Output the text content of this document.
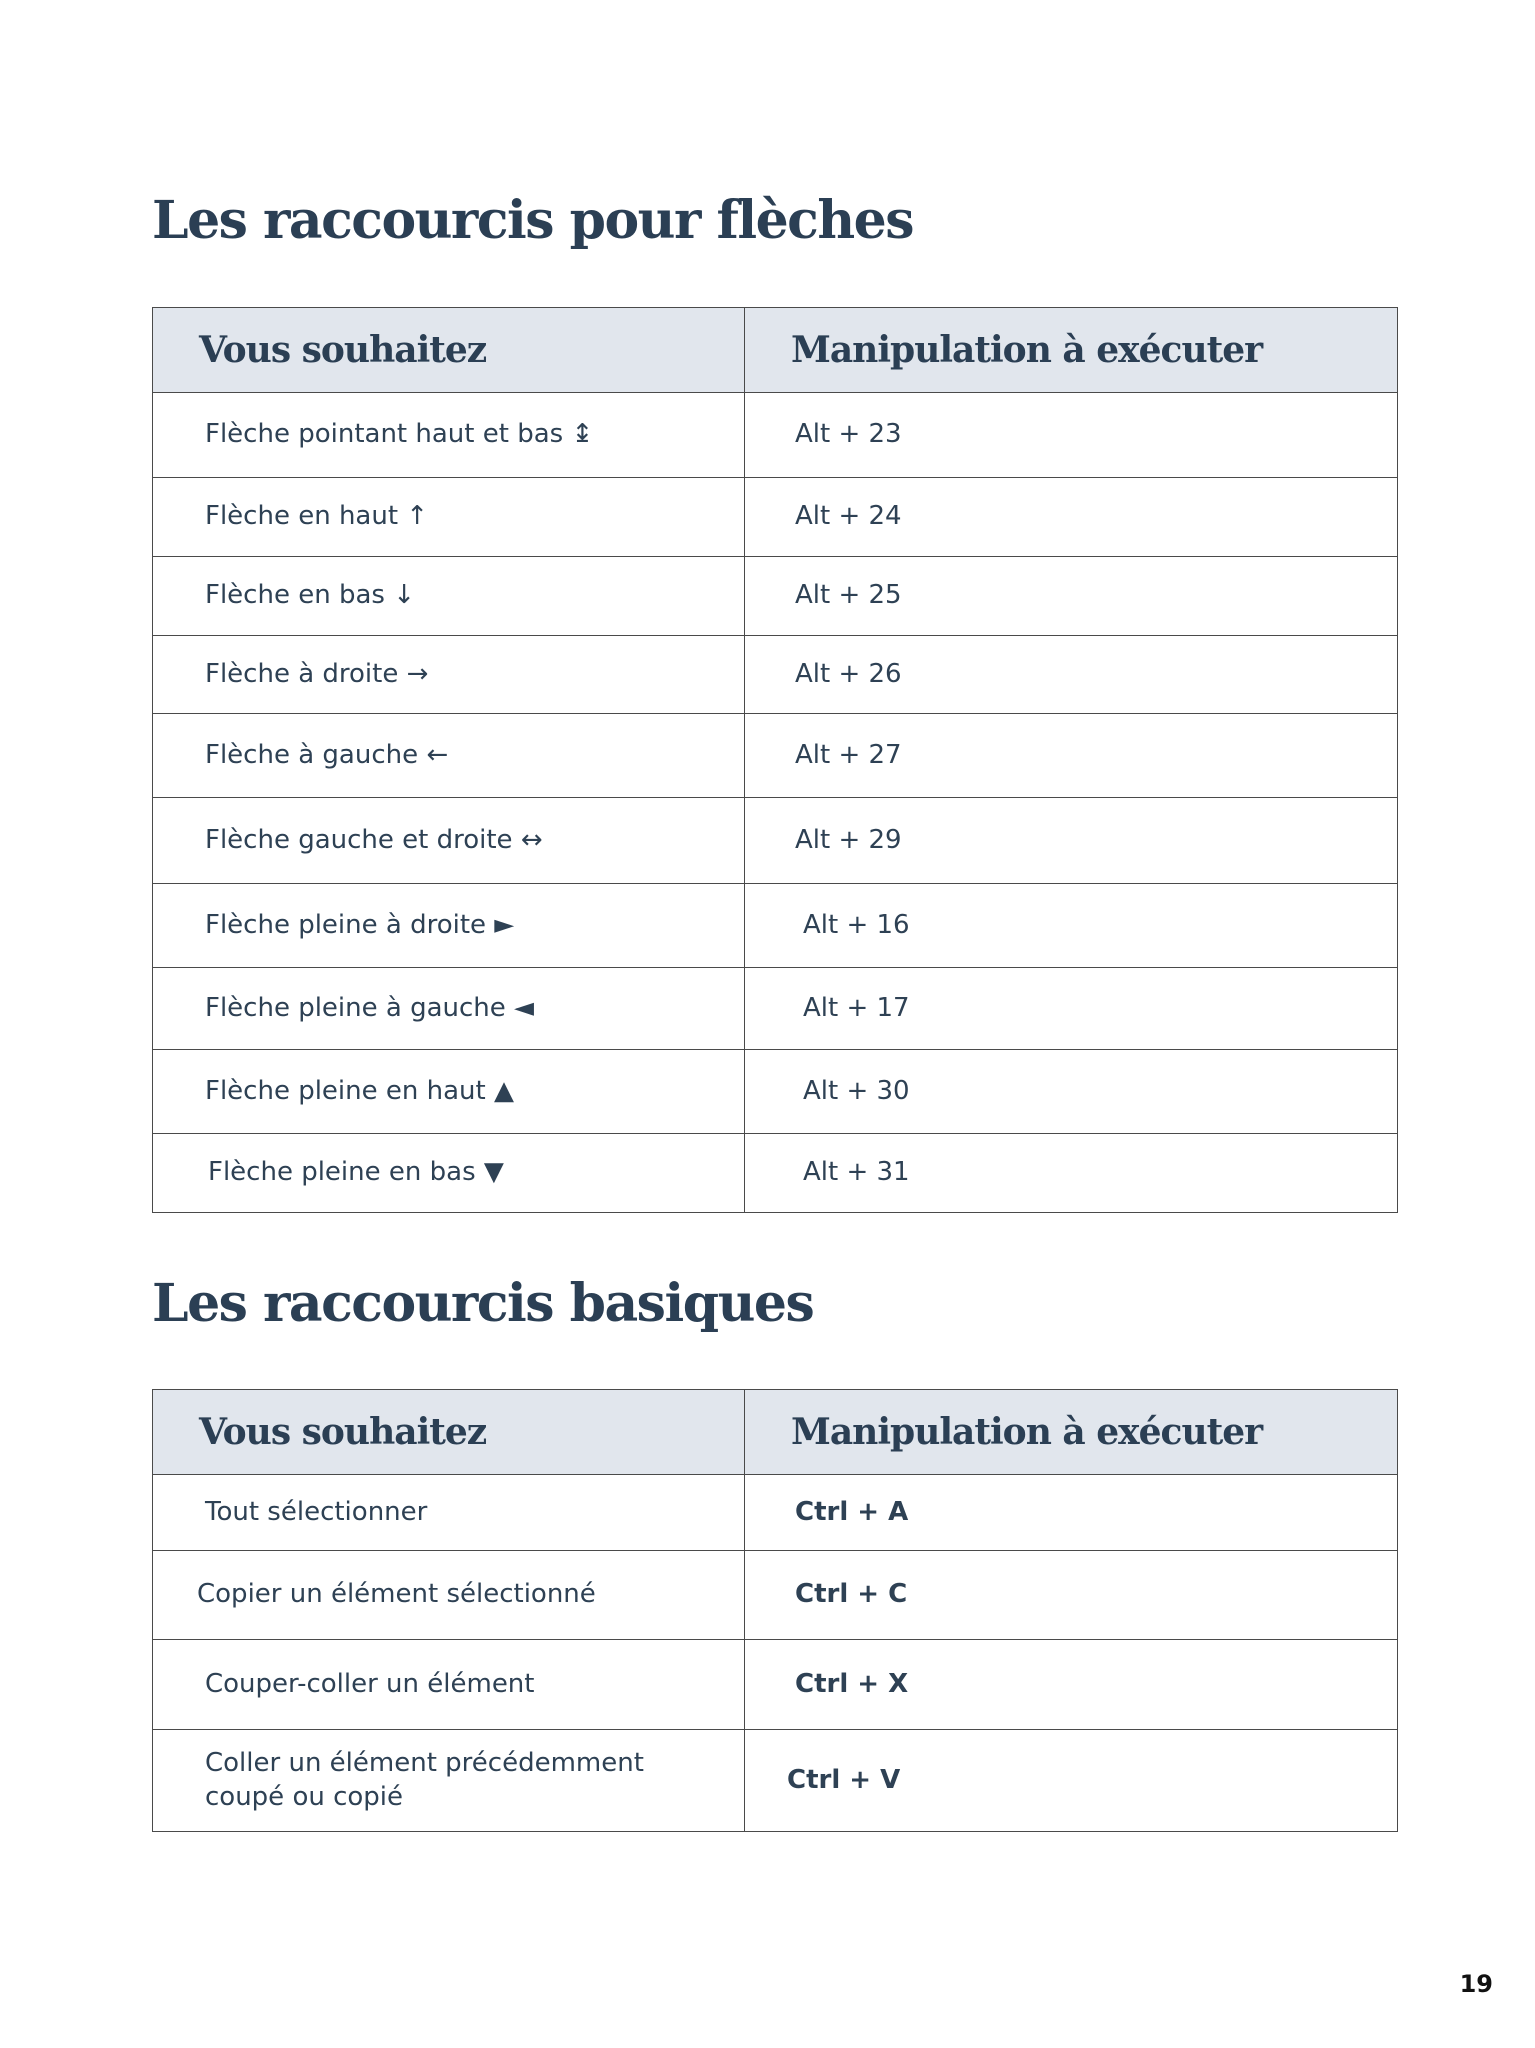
Les raccourcis pour flèches
Vous souhaitez	Manipulation à exécuter
Flèche pointant haut et bas ↨	Alt + 23
Flèche en haut ↑	Alt + 24
Flèche en bas ↓	Alt + 25
Flèche à droite →	Alt + 26
Flèche à gauche ←	Alt + 27
Flèche gauche et droite ↔	Alt + 29
Flèche pleine à droite ►	Alt + 16
Flèche pleine à gauche ◄	Alt + 17
Flèche pleine en haut ▲	Alt + 30
Flèche pleine en bas ▼	Alt + 31
Les raccourcis basiques
Vous souhaitez	Manipulation à exécuter
Tout sélectionner	Ctrl + A
Copier un élément sélectionné	Ctrl + C
Couper-coller un élément	Ctrl + X
Coller un élément précédemment coupé ou copié	Ctrl + V
19
